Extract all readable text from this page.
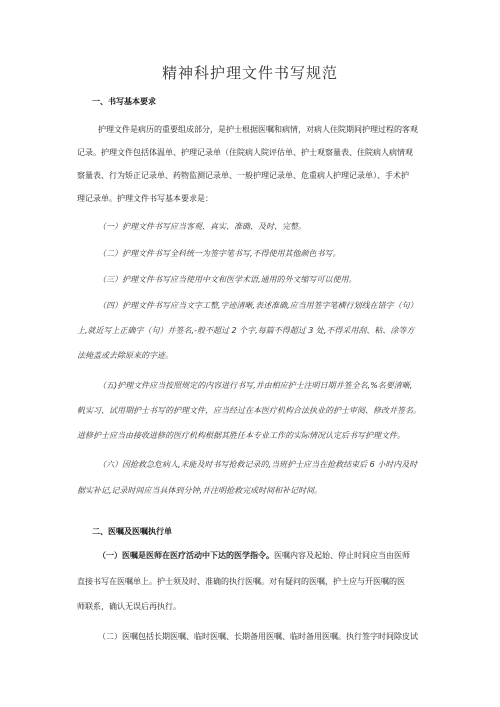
精神科护理文件书写规范
一、书写基本要求
护理文件是病历的重要组成部分，是护士根据医嘱和病情，对病人住院期间护理过程的客观
记录。护理文件包括体温单、护理记录单（住院病人院评估单、护士观察量表、住院病人病情观
察量表、行为矫正记录单、药物监测记录单、一般护理记录单、危重病人护理记录单）、手术护
理记录单。护理文件书写基本要求是：
（一）护理文件书写应当客观、真实、准确、及时、完整。
（二）护理文件书写全科统一为签字笔书写,不得使用其他颜色书写。
（三）护理文件书写应当使用中文和医学术语,通用的外文缩写可以使用。
（四）护理文件书写应当文字工整,字迹清晰,表述准确,应当用签字笔横行划线在错字（句）
上,就近写上正确字（句）并签名,-般不超过 2 个字,每篇不得超过 3 处,不得采用刮、粘、涂等方
法掩盖或去除原来的字迹。
（五)护理文件应当按照规定的内容进行书写,并由相应护士注明日期并签全名,%名要清晰,
帆实习、试用期护士书写的护理文件，应当经过在本医疗机构合法执业的护士审阅、修改并签名。
进修护士应当由接收进修的医疗机构根据其胜任本专业工作的实际情况认定后书写护理文件。
（六）因抢救急危病人,未能及时书写抢救记录的,当班护士应当在抢救结束后 6 小时内及时
据实补记,记录时间应当具体到分钟,并注明抢救完成时间和补记时间。
二、医嘱及医嘱执行单
（一）医嘱是医师在医疗活动中下达的医学指令。医嘱内容及起始、停止时间应当由医师
直接书写在医嘱单上。护士须及时、准确的执行医嘱。对有疑问的医嘱，护士应与开医嘱的医
师联系，确认无误后再执行。
（二）医嘱包括长期医嘱、临时医嘱、长期备用医嘱、临时备用医嘱。执行签字时间除皮试
